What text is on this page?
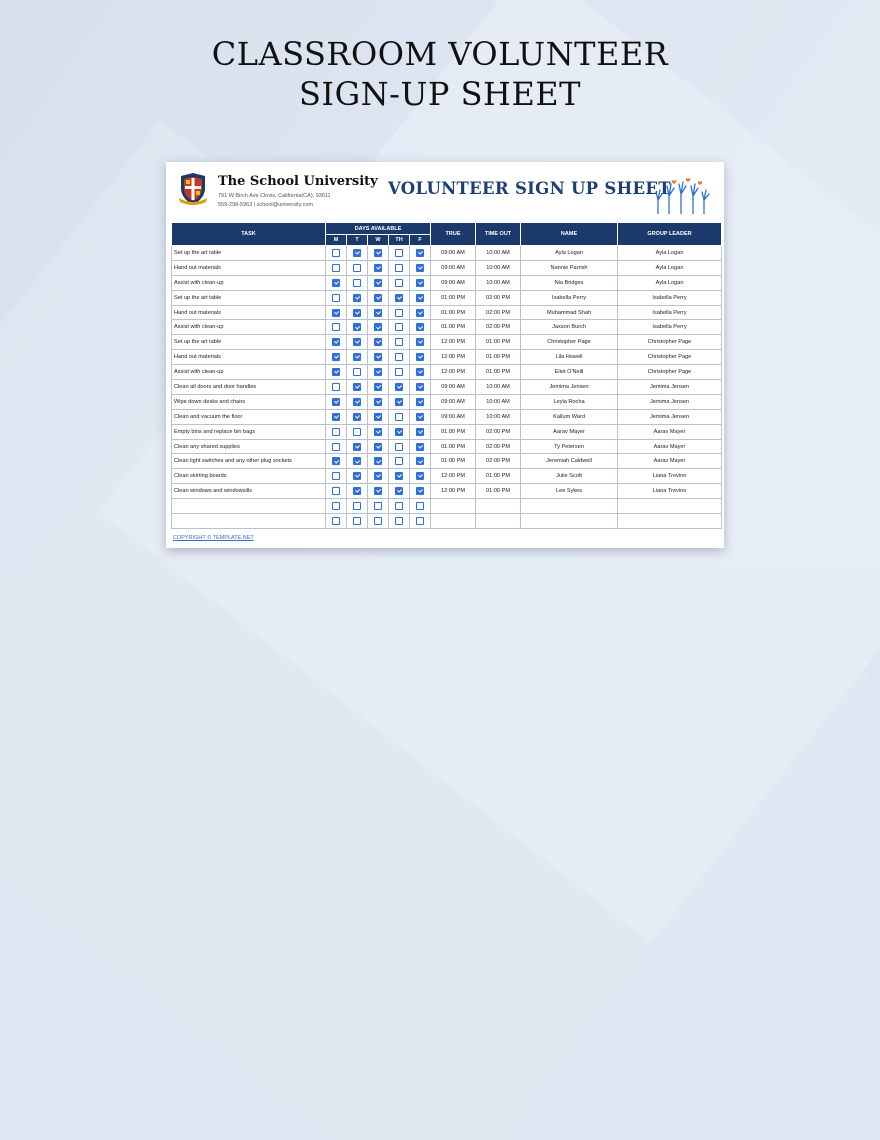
CLASSROOM VOLUNTEER
SIGN-UP SHEET
The School University
791 W Birch Ave Clovis, California(CA), 93611
559-298-5963 | school@university.com
VOLUNTEER SIGN UP SHEET
TASK	DAYS AVAILABLE					TRUE	TIME OUT	NAME	GROUP LEADER
	M	T	W	TH	F				
Set up the art table						09:00 AM	10:00 AM	Ayla Logan	Ayla Logan
Hand out materials						09:00 AM	10:00 AM	Nannie Parrish	Ayla Logan
Assist with clean-up						09:00 AM	10:00 AM	Nia Bridges	Ayla Logan
Set up the art table						01:00 PM	02:00 PM	Isabella Perry	Isabella Perry
Hand out materials						01:00 PM	02:00 PM	Muhammad Shah	Isabella Perry
Assist with clean-up						01:00 PM	02:00 PM	Jaxson Burch	Isabella Perry
Set up the art table						12:00 PM	01:00 PM	Christopher Page	Christopher Page
Hand out materials						12:00 PM	01:00 PM	Lila Howell	Christopher Page
Assist with clean-up						12:00 PM	01:00 PM	Eliot O'Neill	Christopher Page
Clean all doors and door handles						09:00 AM	10:00 AM	Jemima Jensen	Jemima Jensen
Wipe down desks and chairs						09:00 AM	10:00 AM	Leyla Rocha	Jemima Jensen
Clean and vacuum the floor						09:00 AM	10:00 AM	Kallum Ward	Jemima Jensen
Empty bins and replace bin bags						01:00 PM	02:00 PM	Aarav Mayer	Aarav Mayer
Clean any shared supplies						01:00 PM	02:00 PM	Ty Petersen	Aarav Mayer
Clean light switches and any other plug sockets						01:00 PM	02:00 PM	Jeremiah Caldwell	Aarav Mayer
Clean skirting boards						12:00 PM	01:00 PM	Julie Scott	Liana Trevino
Clean windows and windowsills						12:00 PM	01:00 PM	Lee Sykes	Liana Trevino

COPYRIGHT © TEMPLATE.NET
